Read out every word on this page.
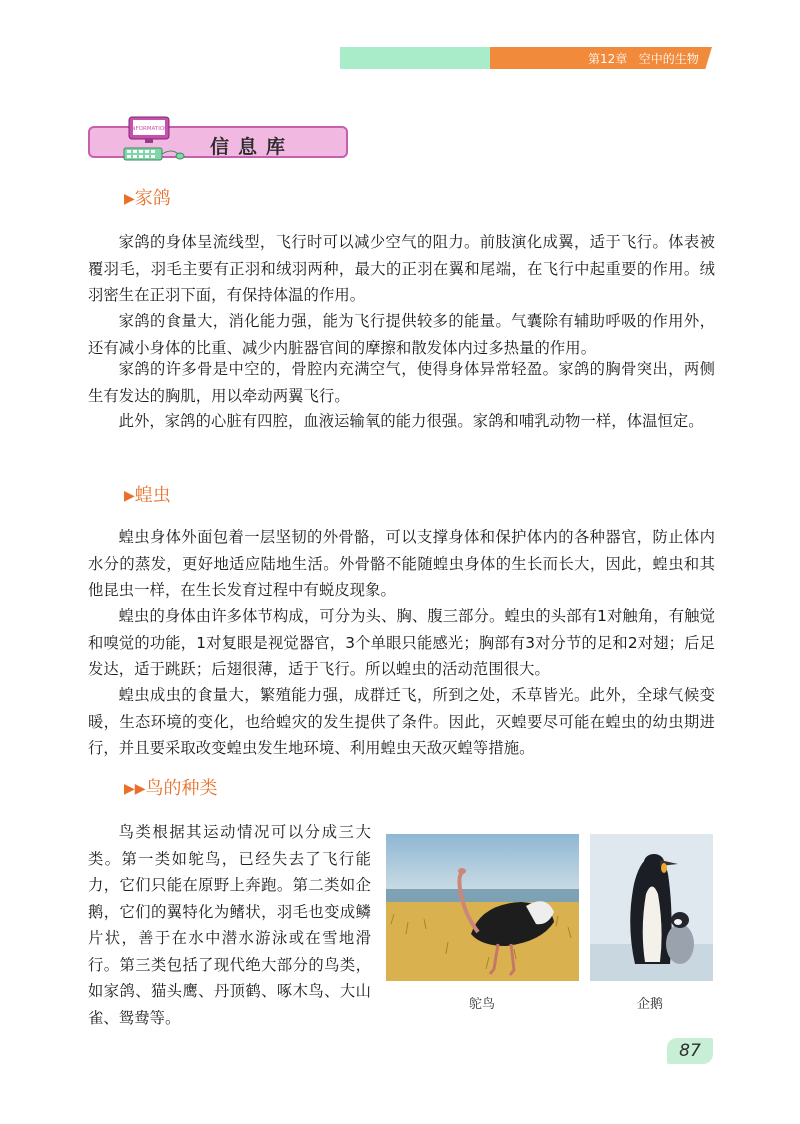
第12章 空中的生物
INFORMATION
信息库
▶家鸽

家鸽的身体呈流线型，飞行时可以减少空气的阻力。前肢演化成翼，适于飞行。体表被覆羽毛，羽毛主要有正羽和绒羽两种，最大的正羽在翼和尾端，在飞行中起重要的作用。绒羽密生在正羽下面，有保持体温的作用。

家鸽的食量大，消化能力强，能为飞行提供较多的能量。气囊除有辅助呼吸的作用外，还有减小身体的比重、减少内脏器官间的摩擦和散发体内过多热量的作用。

家鸽的许多骨是中空的，骨腔内充满空气，使得身体异常轻盈。家鸽的胸骨突出，两侧生有发达的胸肌，用以牵动两翼飞行。

此外，家鸽的心脏有四腔，血液运输氧的能力很强。家鸽和哺乳动物一样，体温恒定。

▶蝗虫

蝗虫身体外面包着一层坚韧的外骨骼，可以支撑身体和保护体内的各种器官，防止体内水分的蒸发，更好地适应陆地生活。外骨骼不能随蝗虫身体的生长而长大，因此，蝗虫和其他昆虫一样，在生长发育过程中有蜕皮现象。

蝗虫的身体由许多体节构成，可分为头、胸、腹三部分。蝗虫的头部有1对触角，有触觉和嗅觉的功能，1对复眼是视觉器官，3个单眼只能感光；胸部有3对分节的足和2对翅；后足发达，适于跳跃；后翅很薄，适于飞行。所以蝗虫的活动范围很大。

蝗虫成虫的食量大，繁殖能力强，成群迁飞，所到之处，禾草皆光。此外，全球气候变暖，生态环境的变化，也给蝗灾的发生提供了条件。因此，灭蝗要尽可能在蝗虫的幼虫期进行，并且要采取改变蝗虫发生地环境、利用蝗虫天敌灭蝗等措施。

▶▶鸟的种类

鸟类根据其运动情况可以分成三大类。第一类如鸵鸟，已经失去了飞行能力，它们只能在原野上奔跑。第二类如企鹅，它们的翼特化为鳍状，羽毛也变成鳞片状，善于在水中潜水游泳或在雪地滑行。第三类包括了现代绝大部分的鸟类，如家鸽、猫头鹰、丹顶鹤、啄木鸟、大山雀、鸳鸯等。

鸵鸟	企鹅
87
